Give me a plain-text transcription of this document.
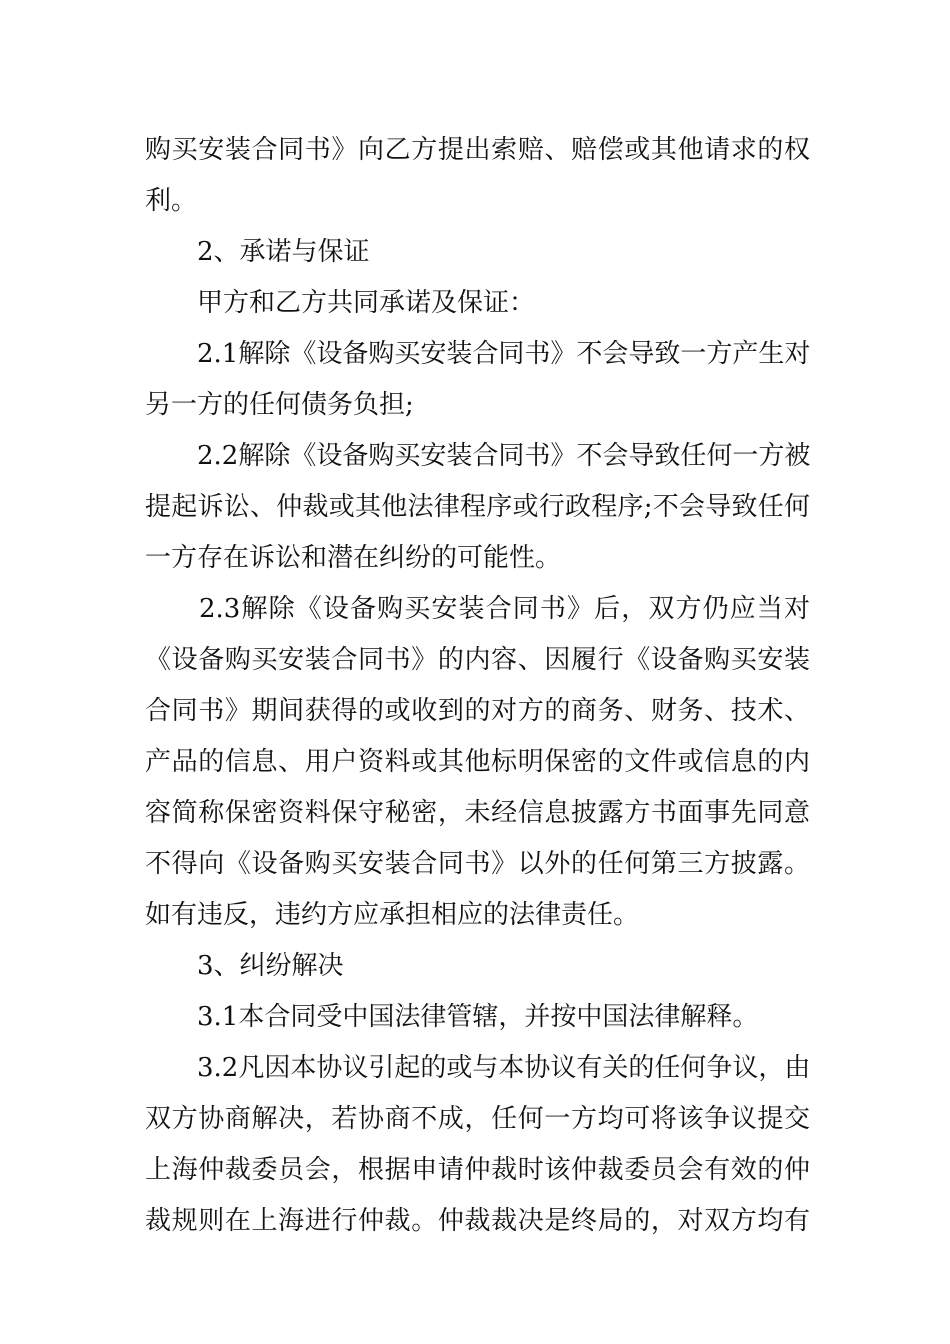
购买安装合同书》向乙方提出索赔、赔偿或其他请求的权
利。
2、承诺与保证
甲方和乙方共同承诺及保证：
2.1解除《设备购买安装合同书》不会导致一方产生对
另一方的任何债务负担;
2.2解除《设备购买安装合同书》不会导致任何一方被
提起诉讼、仲裁或其他法律程序或行政程序;不会导致任何
一方存在诉讼和潜在纠纷的可能性。
2.3解除《设备购买安装合同书》后，双方仍应当对
《设备购买安装合同书》的内容、因履行《设备购买安装
合同书》期间获得的或收到的对方的商务、财务、技术、
产品的信息、用户资料或其他标明保密的文件或信息的内
容简称保密资料保守秘密，未经信息披露方书面事先同意
不得向《设备购买安装合同书》以外的任何第三方披露。
如有违反，违约方应承担相应的法律责任。
3、纠纷解决
3.1本合同受中国法律管辖，并按中国法律解释。
3.2凡因本协议引起的或与本协议有关的任何争议，由
双方协商解决，若协商不成，任何一方均可将该争议提交
上海仲裁委员会，根据申请仲裁时该仲裁委员会有效的仲
裁规则在上海进行仲裁。仲裁裁决是终局的，对双方均有
